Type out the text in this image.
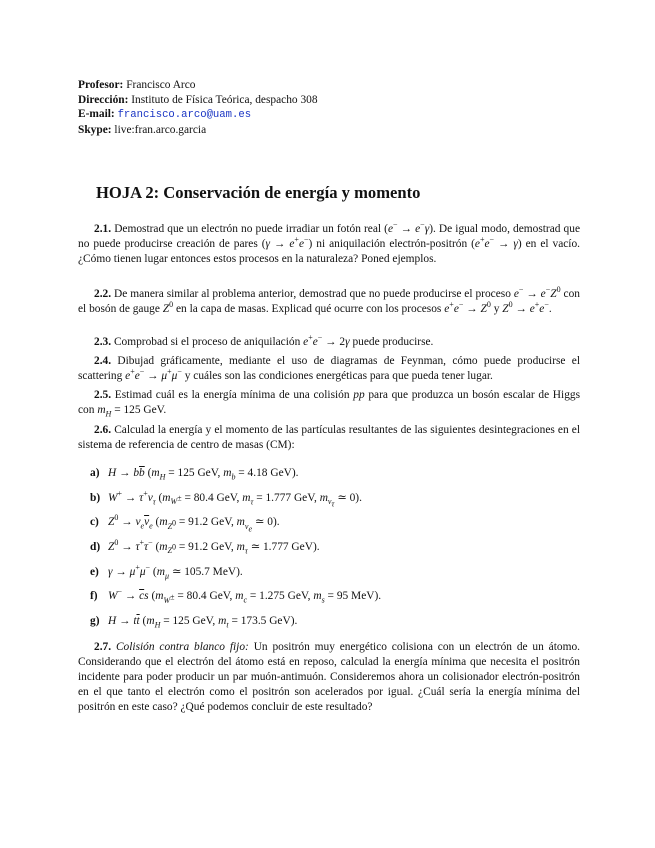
Profesor: Francisco Arco
Dirección: Instituto de Física Teórica, despacho 308
E-mail: francisco.arco@uam.es
Skype: live:fran.arco.garcia
HOJA 2: Conservación de energía y momento

2.1. Demostrad que un electrón no puede irradiar un fotón real (e− → e−γ). De igual modo, demostrad que no puede producirse creación de pares (γ → e+e−) ni aniquilación electrón-positrón (e+e− → γ) en el vacío. ¿Cómo tienen lugar entonces estos procesos en la naturaleza? Poned ejemplos.

2.2. De manera similar al problema anterior, demostrad que no puede producirse el proceso $e^- \to e^-Z^0$ con el bosón de gauge $Z^0$ en la capa de masas. Explicad qué ocurre con los procesos $e^+e^- \to Z^0$ y $Z^0 \to e^+e^-$.

2.3. Comprobad si el proceso de aniquilación e+e− → 2γ puede producirse.

2.4. Dibujad gráficamente, mediante el uso de diagramas de Feynman, cómo puede producirse el scattering e+e− → μ+μ− y cuáles son las condiciones energéticas para que pueda tener lugar.

2.5. Estimad cuál es la energía mínima de una colisión pp para que produzca un bosón escalar de Higgs con $m_H = 125$ GeV.

2.6. Calculad la energía y el momento de las partículas resultantes de las siguientes desintegraciones en el sistema de referencia de centro de masas (CM):

a) $H \to b\overline{b}$ ($m_H = 125$ GeV, $m_b = 4.18$ GeV).
b) $W^+ \to \tau^+\nu_\tau$ ($m_{W^\pm} = 80.4$ GeV, $m_\tau = 1.777$ GeV, $m_{\nu_\tau}$ ≃ 0).
c) $Z^0 \to \nu_e\overline{\nu}_e$ ($m_{Z^0} = 91.2$ GeV, $m_{\nu_e}$ ≃ 0).
d) $Z^0 \to \tau^+\tau^-$ ($m_{Z^0} = 91.2$ GeV, $m_\tau$ ≃ 1.777 GeV).
e) γ → μ+μ− ($m_\mu$ ≃ 105.7 MeV).
f) $W^- \to \overline{c}s$ ($m_{W^\pm} = 80.4$ GeV, $m_c = 1.275$ GeV, $m_s = 95$ MeV).
g) $H \to t\overline{t}$ ($m_H = 125$ GeV, $m_t = 173.5$ GeV).

2.7. Colisión contra blanco fijo: Un positrón muy energético colisiona con un electrón de un átomo. Considerando que el electrón del átomo está en reposo, calculad la energía mínima que necesita el positrón incidente para poder producir un par muón-antimuón. Consideremos ahora un colisionador electrón-positrón en el que tanto el electrón como el positrón son acelerados por igual. ¿Cuál sería la energía mínima del positrón en este caso? ¿Qué podemos concluir de este resultado?
